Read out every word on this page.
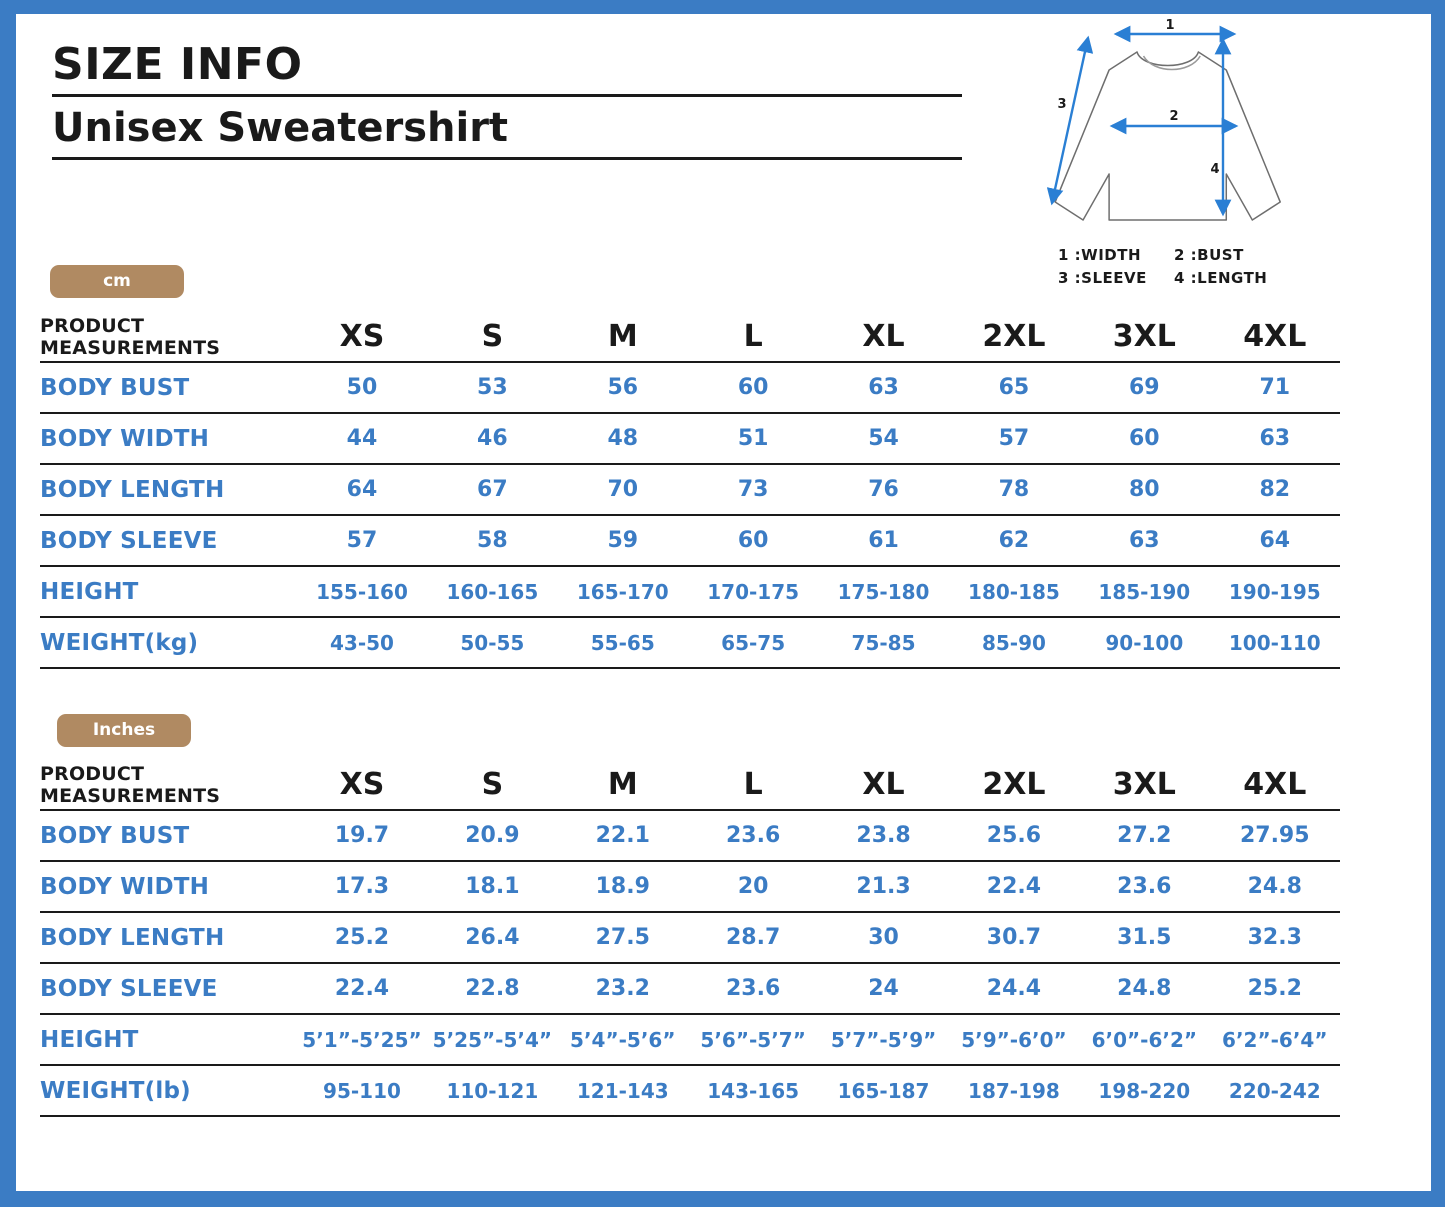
SIZE INFO
Unisex Sweatershirt
1
3
2
4
1 :WIDTH	2 :BUST
3 :SLEEVE	4 :LENGTH
cm
PRODUCT MEASUREMENTS	XS	S	M	L	XL	2XL	3XL	4XL
BODY BUST	50	53	56	60	63	65	69	71
BODY WIDTH	44	46	48	51	54	57	60	63
BODY LENGTH	64	67	70	73	76	78	80	82
BODY SLEEVE	57	58	59	60	61	62	63	64
HEIGHT	155-160	160-165	165-170	170-175	175-180	180-185	185-190	190-195
WEIGHT(kg)	43-50	50-55	55-65	65-75	75-85	85-90	90-100	100-110
Inches
PRODUCT MEASUREMENTS	XS	S	M	L	XL	2XL	3XL	4XL
BODY BUST	19.7	20.9	22.1	23.6	23.8	25.6	27.2	27.95
BODY WIDTH	17.3	18.1	18.9	20	21.3	22.4	23.6	24.8
BODY LENGTH	25.2	26.4	27.5	28.7	30	30.7	31.5	32.3
BODY SLEEVE	22.4	22.8	23.2	23.6	24	24.4	24.8	25.2
HEIGHT	5’1”-5’25”	5’25”-5’4”	5’4”-5’6”	5’6”-5’7”	5’7”-5’9”	5’9”-6’0”	6’0”-6’2”	6’2”-6’4”
WEIGHT(lb)	95-110	110-121	121-143	143-165	165-187	187-198	198-220	220-242
